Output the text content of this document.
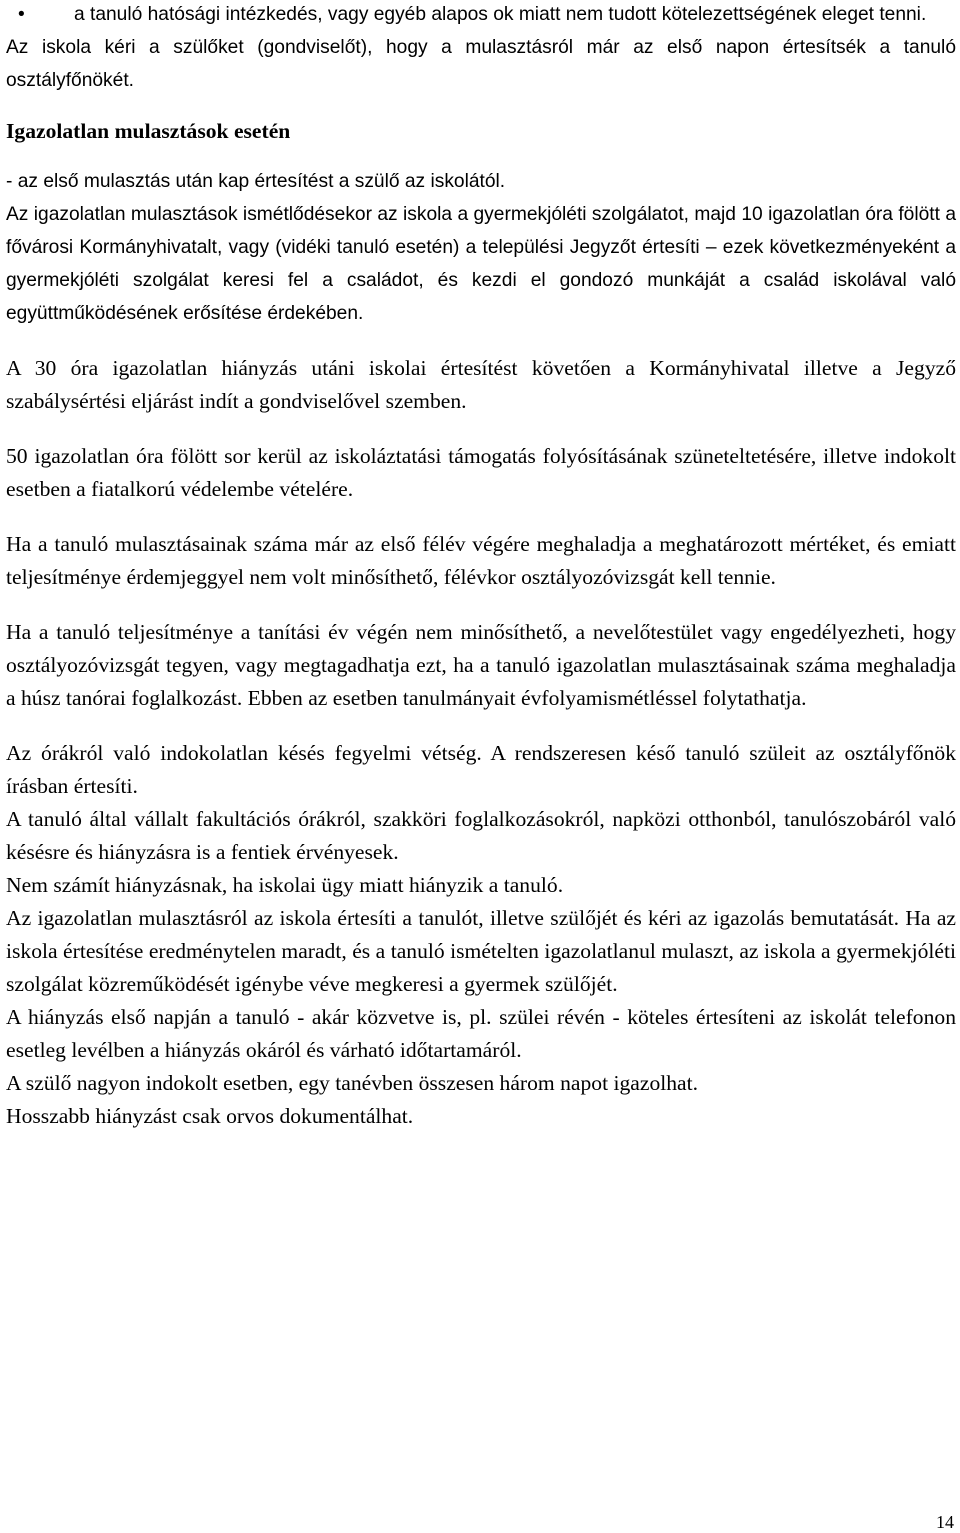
•	a tanuló hatósági intézkedés, vagy egyéb alapos ok miatt nem tudott kötelezettségének eleget tenni.

Az iskola kéri a szülőket (gondviselőt), hogy a mulasztásról már az első napon értesítsék a tanuló osztályfőnökét.

Igazolatlan mulasztások esetén

- az első mulasztás után kap értesítést a szülő az iskolától.

Az igazolatlan mulasztások ismétlődésekor az iskola a gyermekjóléti szolgálatot, majd 10 igazolatlan óra fölött a fővárosi Kormányhivatalt, vagy (vidéki tanuló esetén) a települési Jegyzőt értesíti – ezek következményeként a gyermekjóléti szolgálat keresi fel a családot, és kezdi el gondozó munkáját a család iskolával való együttműködésének erősítése érdekében.

A 30 óra igazolatlan hiányzás utáni iskolai értesítést követően a Kormányhivatal illetve a Jegyző szabálysértési eljárást indít a gondviselővel szemben.

50 igazolatlan óra fölött sor kerül az iskoláztatási támogatás folyósításának szüneteltetésére, illetve indokolt esetben a fiatalkorú védelembe vételére.

Ha a tanuló mulasztásainak száma már az első félév végére meghaladja a meghatározott mértéket, és emiatt teljesítménye érdemjeggyel nem volt minősíthető, félévkor osztályozóvizsgát kell tennie.

Ha a tanuló teljesítménye a tanítási év végén nem minősíthető, a nevelőtestület vagy engedélyezheti, hogy osztályozóvizsgát tegyen, vagy megtagadhatja ezt, ha a tanuló igazolatlan mulasztásainak száma meghaladja a húsz tanórai foglalkozást. Ebben az esetben tanulmányait évfolyamismétléssel folytathatja.

Az órákról való indokolatlan késés fegyelmi vétség. A rendszeresen késő tanuló szüleit az osztályfőnök írásban értesíti.

A tanuló által vállalt fakultációs órákról, szakköri foglalkozásokról, napközi otthonból, tanulószobáról való késésre és hiányzásra is a fentiek érvényesek.

Nem számít hiányzásnak, ha iskolai ügy miatt hiányzik a tanuló.

Az igazolatlan mulasztásról az iskola értesíti a tanulót, illetve szülőjét és kéri az igazolás bemutatását. Ha az iskola értesítése eredménytelen maradt, és a tanuló ismételten igazolatlanul mulaszt, az iskola a gyermekjóléti szolgálat közreműködését igénybe véve megkeresi a gyermek szülőjét.

A hiányzás első napján a tanuló - akár közvetve is, pl. szülei révén - köteles értesíteni az iskolát telefonon esetleg levélben a hiányzás okáról és várható időtartamáról.

A szülő nagyon indokolt esetben, egy tanévben összesen három napot igazolhat.

Hosszabb hiányzást csak orvos dokumentálhat.

14
